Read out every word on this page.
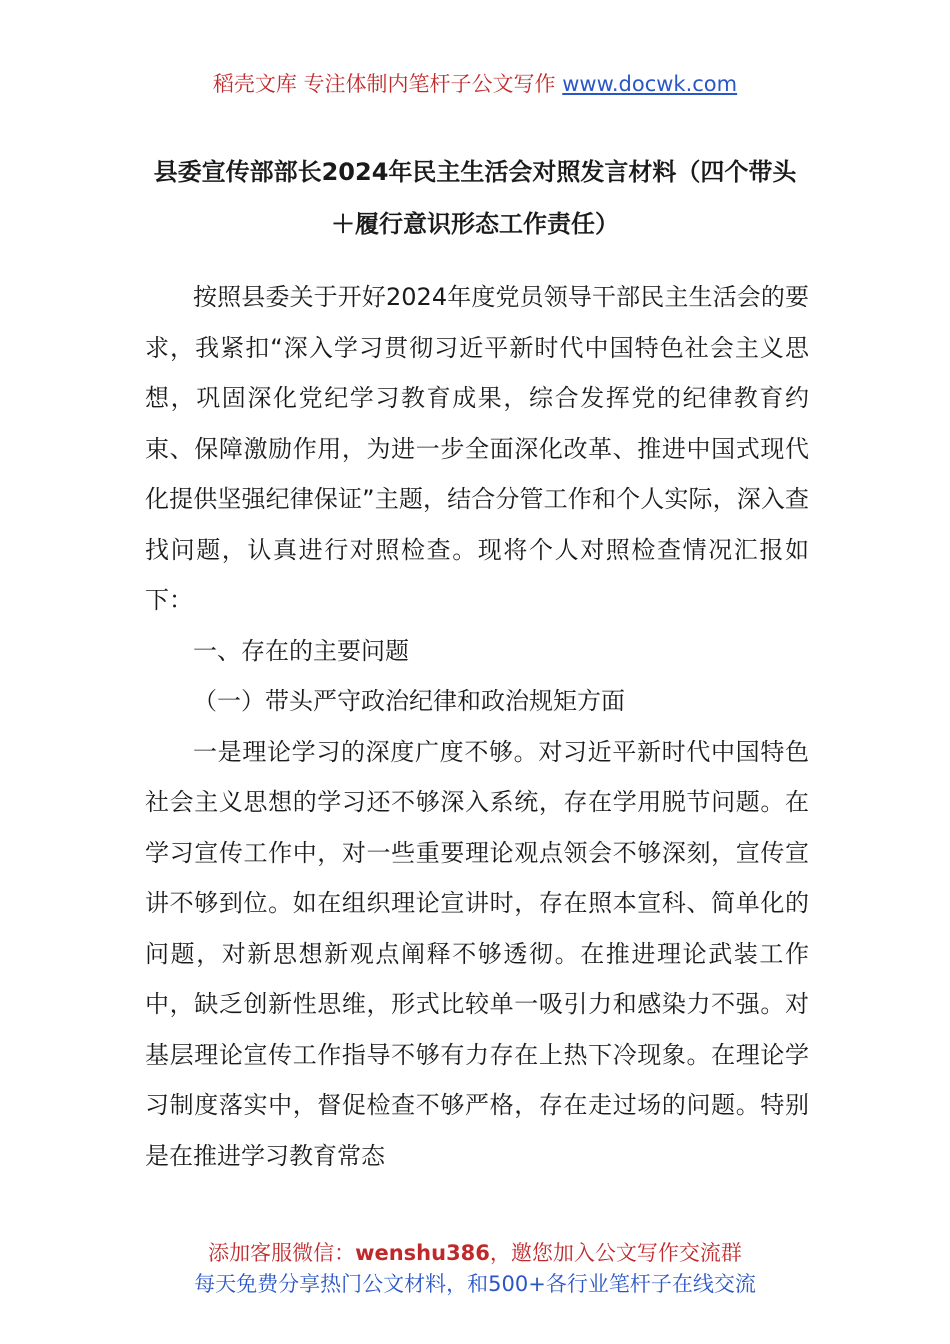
稻壳文库 专注体制内笔杆子公文写作 www.docwk.com
县委宣传部部长2024年民主生活会对照发言材料（四个带头＋履行意识形态工作责任）

按照县委关于开好2024年度党员领导干部民主生活会的要求，我紧扣“深入学习贯彻习近平新时代中国特色社会主义思想，巩固深化党纪学习教育成果，综合发挥党的纪律教育约束、保障激励作用，为进一步全面深化改革、推进中国式现代化提供坚强纪律保证”主题，结合分管工作和个人实际，深入查找问题，认真进行对照检查。现将个人对照检查情况汇报如下：

一、存在的主要问题

（一）带头严守政治纪律和政治规矩方面

一是理论学习的深度广度不够。对习近平新时代中国特色社会主义思想的学习还不够深入系统，存在学用脱节问题。在学习宣传工作中，对一些重要理论观点领会不够深刻，宣传宣讲不够到位。如在组织理论宣讲时，存在照本宣科、简单化的问题，对新思想新观点阐释不够透彻。在推进理论武装工作中，缺乏创新性思维，形式比较单一吸引力和感染力不强。对基层理论宣传工作指导不够有力存在上热下冷现象。在理论学习制度落实中，督促检查不够严格，存在走过场的问题。特别是在推进学习教育常态

添加客服微信：wenshu386，邀您加入公文写作交流群
每天免费分享热门公文材料，和500+各行业笔杆子在线交流
